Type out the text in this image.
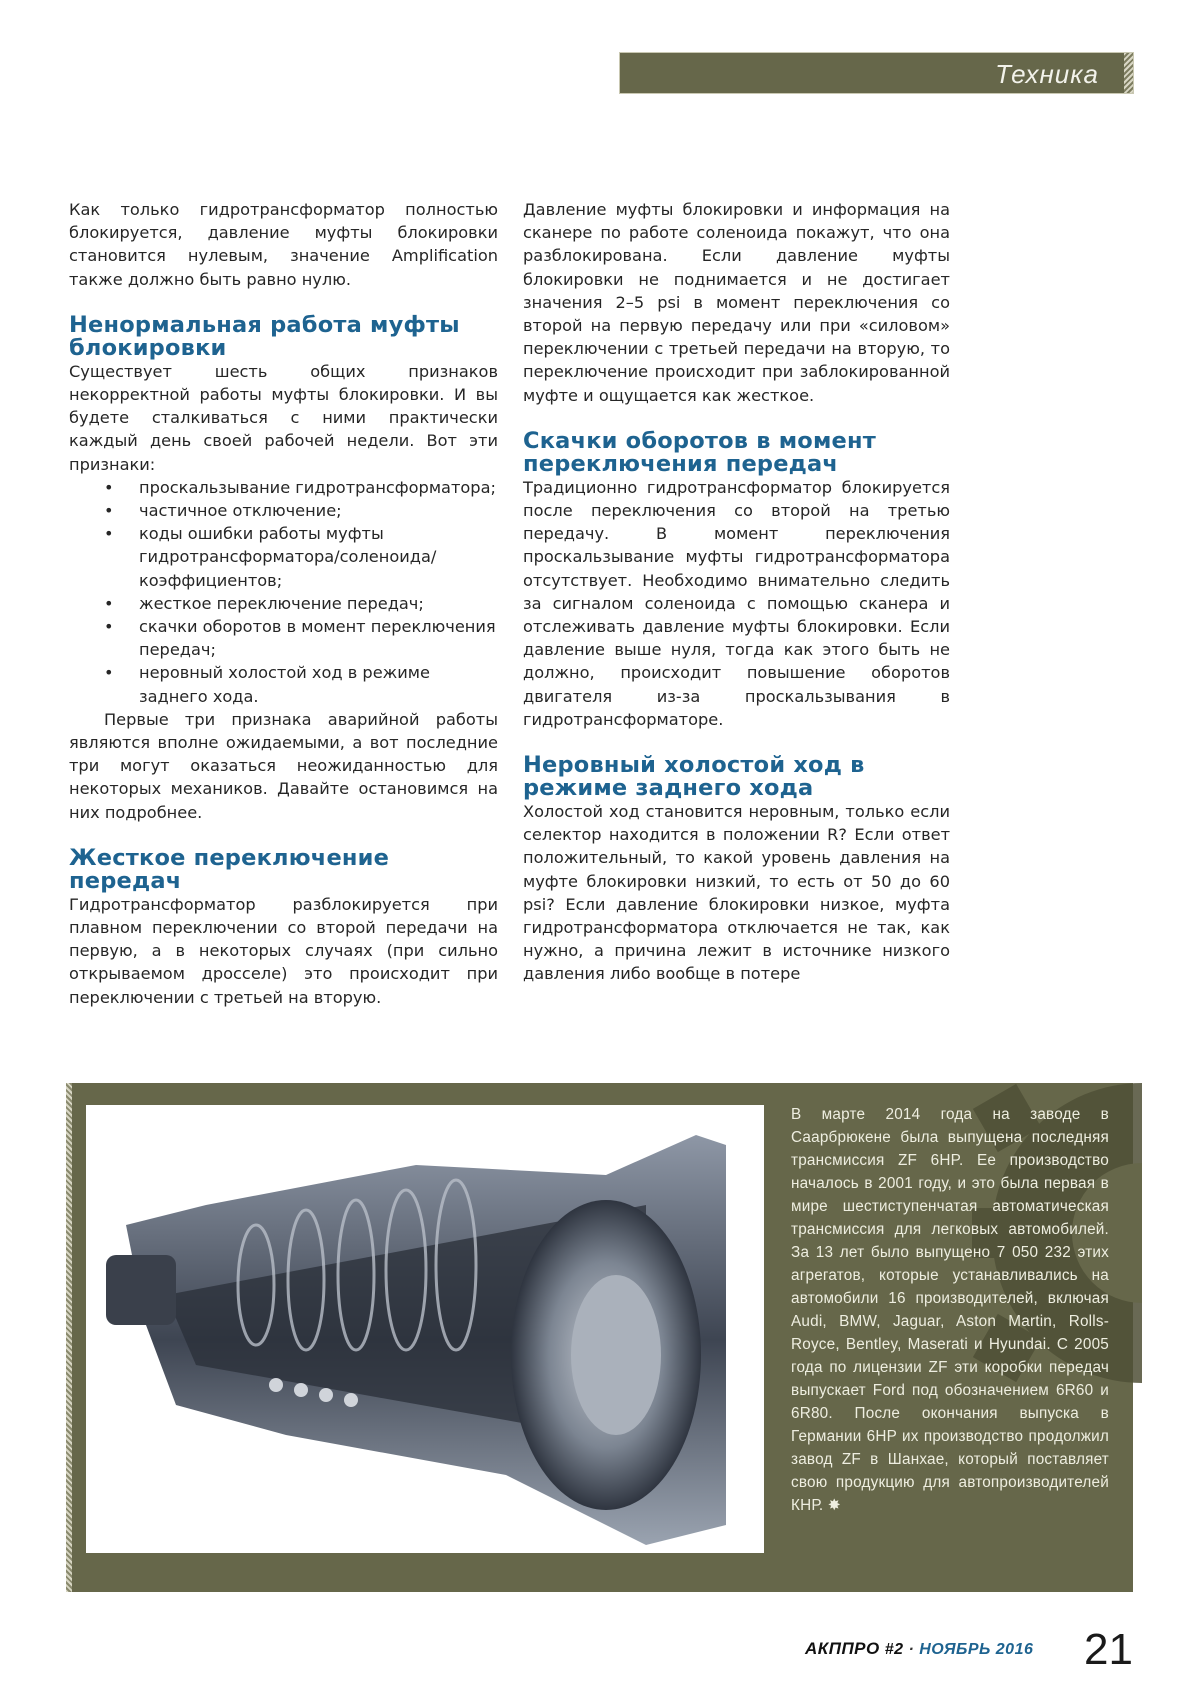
Техника

Как только гидротрансформатор полностью блокируется, давление муфты блокировки становится нулевым, значение Amplification также должно быть равно нулю.

Ненормальная работа муфты блокировки

Существует шесть общих признаков некорректной работы муфты блокировки. И вы будете сталкиваться с ними практически каждый день своей рабочей недели. Вот эти признаки:

• проскальзывание гидротрансформатора;
• частичное отключение;
• коды ошибки работы муфты гидротрансформатора/соленоида/коэффициентов;
• жесткое переключение передач;
• скачки оборотов в момент переключения передач;
• неровный холостой ход в режиме заднего хода.

Первые три признака аварийной работы являются вполне ожидаемыми, а вот последние три могут оказаться неожиданностью для некоторых механиков. Давайте остановимся на них подробнее.

Жесткое переключение передач

Гидротрансформатор разблокируется при плавном переключении со второй передачи на первую, а в некоторых случаях (при сильно открываемом дросселе) это происходит при переключении с третьей на вторую.

Давление муфты блокировки и информация на сканере по работе соленоида покажут, что она разблокирована. Если давление муфты блокировки не поднимается и не достигает значения 2–5 psi в момент переключения со второй на первую передачу или при «силовом» переключении с третьей передачи на вторую, то переключение происходит при заблокированной муфте и ощущается как жесткое.

Скачки оборотов в момент переключения передач

Традиционно гидротрансформатор блокируется после переключения со второй на третью передачу. В момент переключения проскальзывание муфты гидротрансформатора отсутствует. Необходимо внимательно следить за сигналом соленоида с помощью сканера и отслеживать давление муфты блокировки. Если давление выше нуля, тогда как этого быть не должно, происходит повышение оборотов двигателя из-за проскальзывания в гидротрансформаторе.

Неровный холостой ход в режиме заднего хода

Холостой ход становится неровным, только если селектор находится в положении R? Если ответ положительный, то какой уровень давления на муфте блокировки низкий, то есть от 50 до 60 psi? Если давление блокировки низкое, муфта гидротрансформатора отключается не так, как нужно, а причина лежит в источнике низкого давления либо вообще в потере

В марте 2014 года на заводе в Саарбрюкене была выпущена последняя трансмиссия ZF 6HP. Ее производство началось в 2001 году, и это была первая в мире шестиступенчатая автоматическая трансмиссия для легковых автомобилей. За 13 лет было выпущено 7 050 232 этих агрегатов, которые устанавливались на автомобили 16 производителей, включая Audi, BMW, Jaguar, Aston Martin, Rolls-Royce, Bentley, Maserati и Hyundai. С 2005 года по лицензии ZF эти коробки передач выпускает Ford под обозначением 6R60 и 6R80. После окончания выпуска в Германии 6HP их производство продолжил завод ZF в Шанхае, который поставляет свою продукцию для автопроизводителей КНР. ✸
АКППРО #2 · НОЯБРЬ 2016 21
